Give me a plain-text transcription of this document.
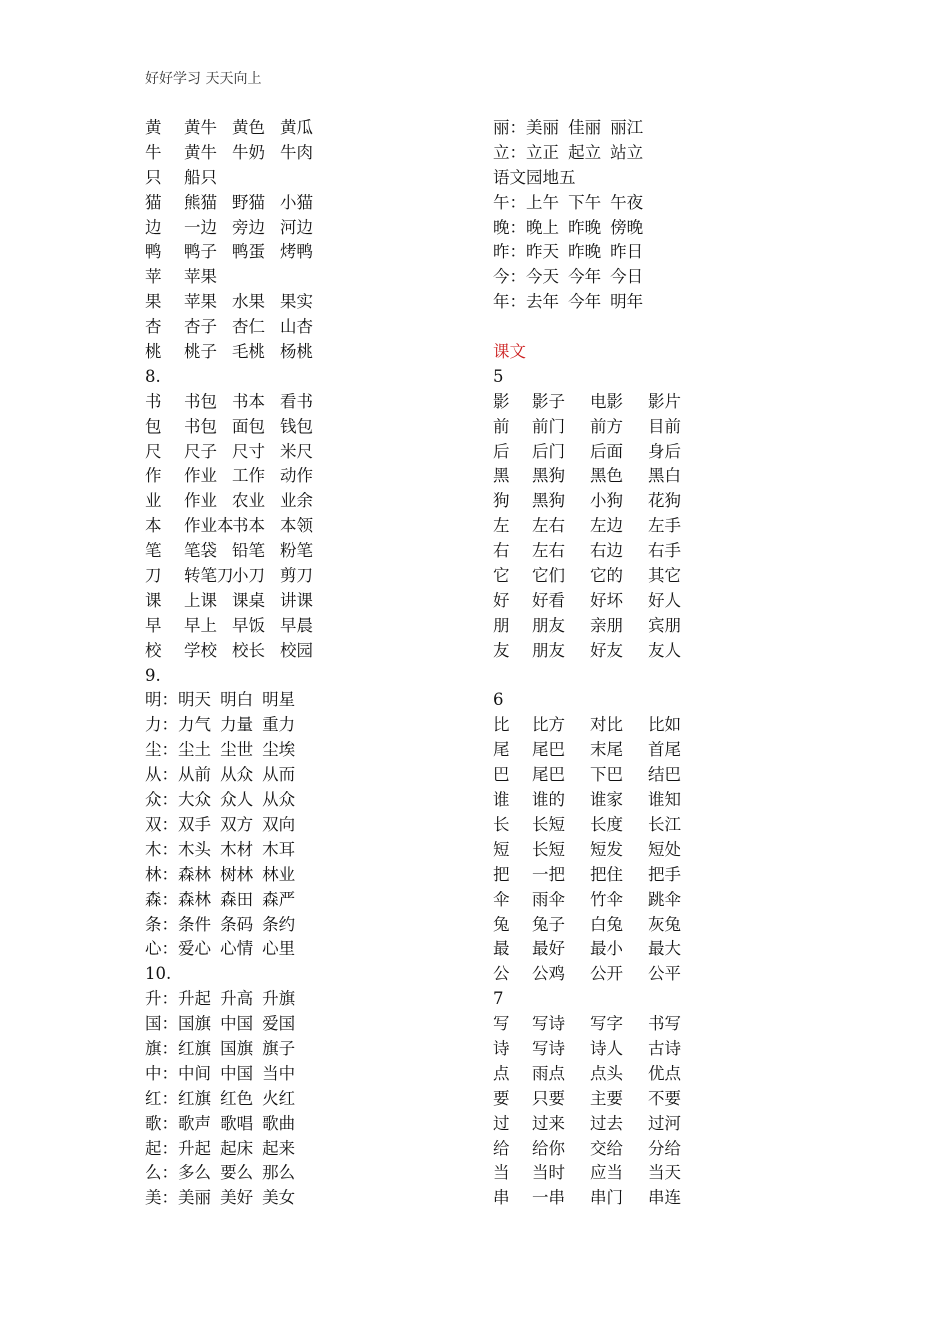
好好学习 天天向上
黄 黄牛 黄色 黄瓜
牛 黄牛 牛奶 牛肉
只 船只
猫 熊猫 野猫 小猫
边 一边 旁边 河边
鸭 鸭子 鸭蛋 烤鸭
苹 苹果
果 苹果 水果 果实
杏 杏子 杏仁 山杏
桃 桃子 毛桃 杨桃
8.
书 书包 书本 看书
包 书包 面包 钱包
尺 尺子 尺寸 米尺
作 作业 工作 动作
业 作业 农业 业余
本 作业本书本 本领
笔 笔袋 铅笔 粉笔
刀 转笔刀小刀 剪刀
课 上课 课桌 讲课
早 早上 早饭 早晨
校 学校 校长 校园
9.
明：明天 明白 明星
力：力气 力量 重力
尘：尘土 尘世 尘埃
从：从前 从众 从而
众：大众 众人 从众
双：双手 双方 双向
木：木头 木材 木耳
林：森林 树林 林业
森：森林 森田 森严
条：条件 条码 条约
心：爱心 心情 心里
10.
升：升起 升高 升旗
国：国旗 中国 爱国
旗：红旗 国旗 旗子
中：中间 中国 当中
红：红旗 红色 火红
歌：歌声 歌唱 歌曲
起：升起 起床 起来
么：多么 要么 那么
美：美丽 美好 美女
丽：美丽 佳丽 丽江
立：立正 起立 站立
语文园地五
午：上午 下午 午夜
晚：晚上 昨晚 傍晚
昨：昨天 昨晚 昨日
今：今天 今年 今日
年：去年 今年 明年
课文
5
影 影子 电影 影片
前 前门 前方 目前
后 后门 后面 身后
黑 黑狗 黑色 黑白
狗 黑狗 小狗 花狗
左 左右 左边 左手
右 左右 右边 右手
它 它们 它的 其它
好 好看 好坏 好人
朋 朋友 亲朋 宾朋
友 朋友 好友 友人
6
比 比方 对比 比如
尾 尾巴 末尾 首尾
巴 尾巴 下巴 结巴
谁 谁的 谁家 谁知
长 长短 长度 长江
短 长短 短发 短处
把 一把 把住 把手
伞 雨伞 竹伞 跳伞
兔 兔子 白兔 灰兔
最 最好 最小 最大
公 公鸡 公开 公平
7
写 写诗 写字 书写
诗 写诗 诗人 古诗
点 雨点 点头 优点
要 只要 主要 不要
过 过来 过去 过河
给 给你 交给 分给
当 当时 应当 当天
串 一串 串门 串连
